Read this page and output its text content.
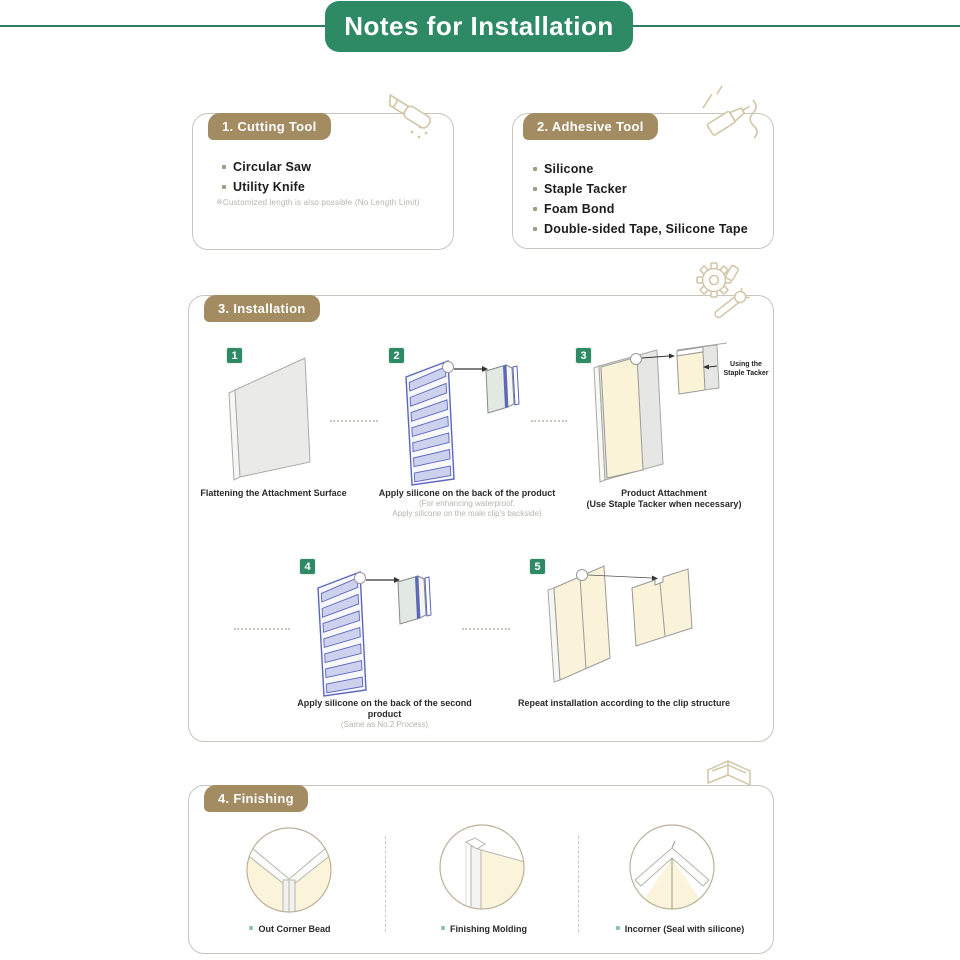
Notes for Installation
1. Cutting Tool
Circular Saw
Utility Knife
※Customized length is also possible (No Length Limit)
2. Adhesive Tool
Silicone
Staple Tacker
Foam Bond
Double-sided Tape, Silicone Tape
3. Installation
1	2	3
4	5
Flattening the Attachment Surface	Apply silicone on the back of the product
(For enhancing waterproof,
Apply silicone on the male clip's backside)
Using the
Staple Tacker
Product Attachment
(Use Staple Tacker when necessary)
Apply silicone on the back of the second product
(Same as No.2 Process)
Repeat installation according to the clip structure
4. Finishing
Out Corner Bead	Finishing Molding	Incorner (Seal with silicone)
